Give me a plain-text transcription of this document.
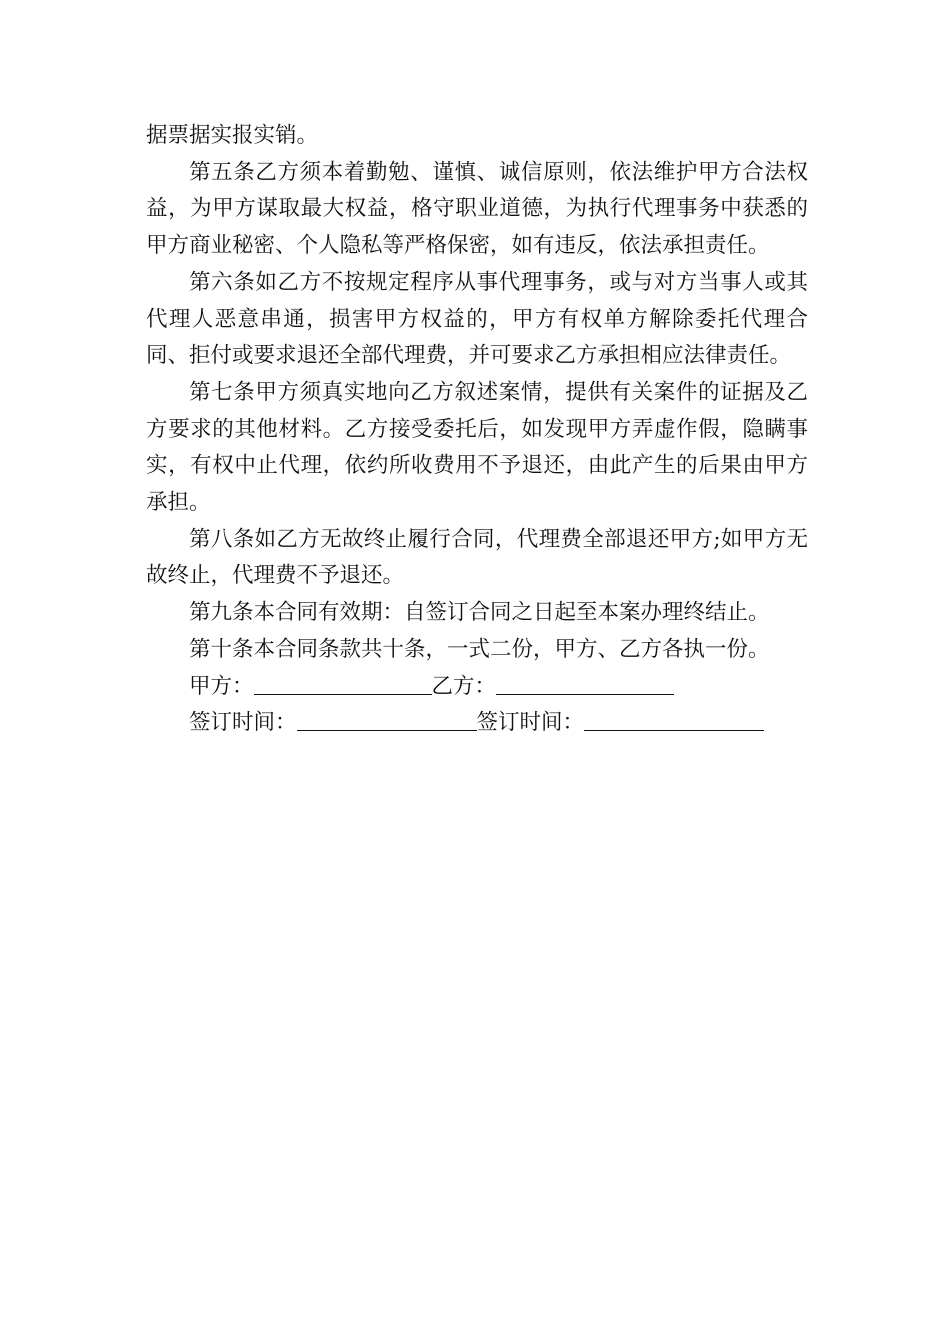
据票据实报实销。

第五条乙方须本着勤勉、谨慎、诚信原则，依法维护甲方合法权益，为甲方谋取最大权益，格守职业道德，为执行代理事务中获悉的甲方商业秘密、个人隐私等严格保密，如有违反，依法承担责任。

第六条如乙方不按规定程序从事代理事务，或与对方当事人或其代理人恶意串通，损害甲方权益的，甲方有权单方解除委托代理合同、拒付或要求退还全部代理费，并可要求乙方承担相应法律责任。

第七条甲方须真实地向乙方叙述案情，提供有关案件的证据及乙方要求的其他材料。乙方接受委托后，如发现甲方弄虚作假，隐瞒事实，有权中止代理，依约所收费用不予退还，由此产生的后果由甲方承担。

第八条如乙方无故终止履行合同，代理费全部退还甲方;如甲方无故终止，代理费不予退还。

第九条本合同有效期：自签订合同之日起至本案办理终结止。

第十条本合同条款共十条，一式二份，甲方、乙方各执一份。

甲方：	乙方：
签订时间：	签订时间：
